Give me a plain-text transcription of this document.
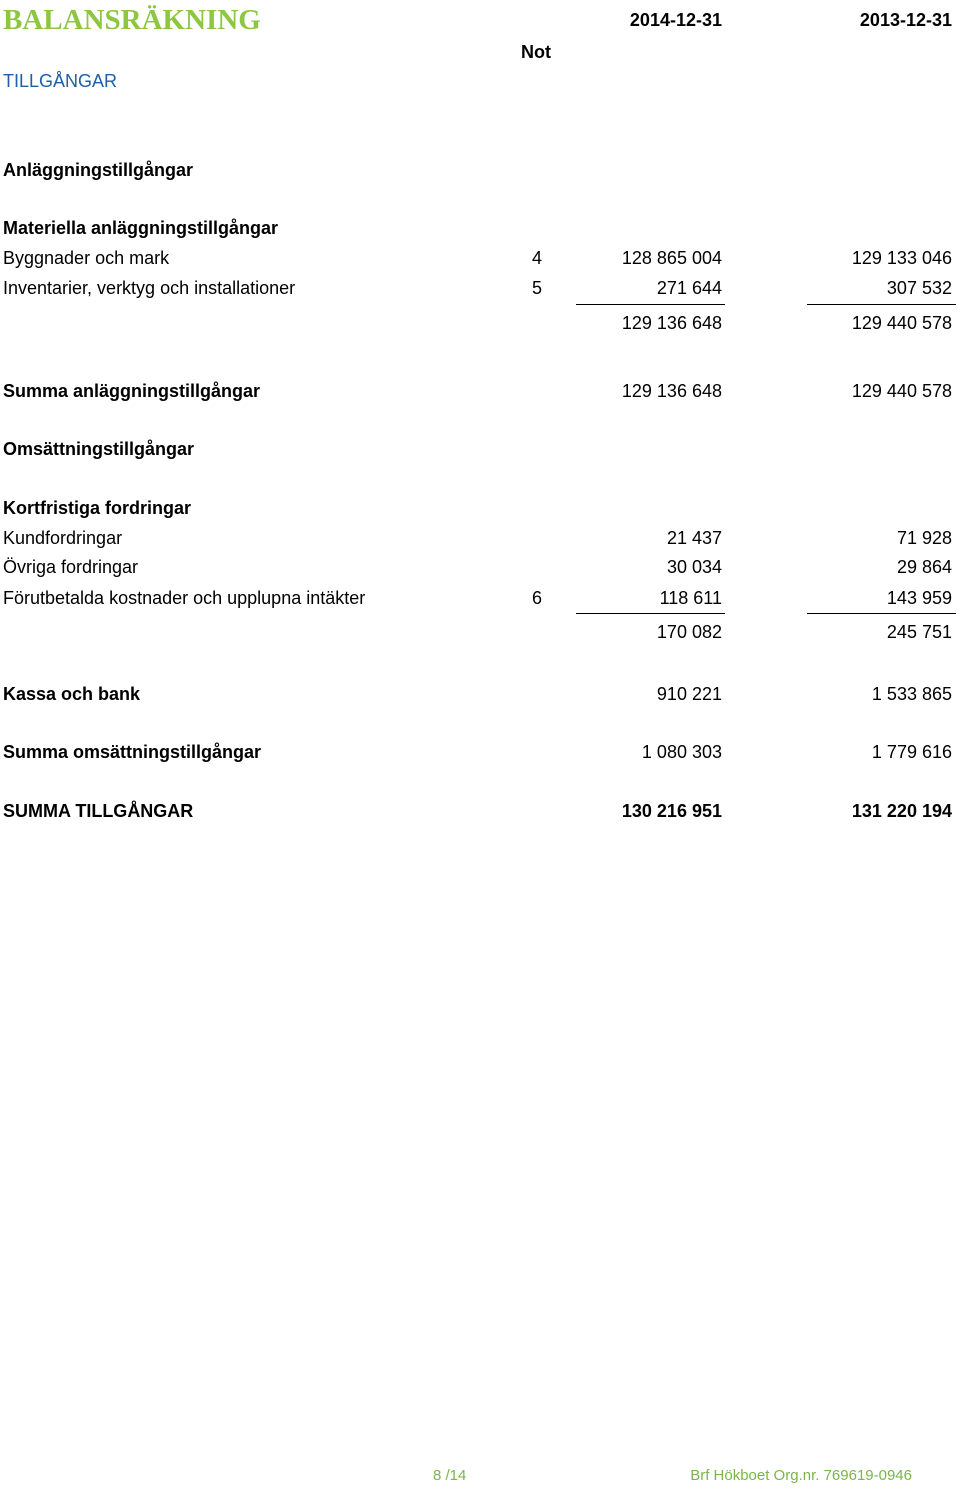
BALANSRÄKNING	2014-12-31	2013-12-31
Not
TILLGÅNGAR
Anläggningstillgångar
Materiella anläggningstillgångar
Byggnader och mark	4	128 865 004	129 133 046
Inventarier, verktyg och installationer	5	271 644	307 532
129 136 648	129 440 578
Summa anläggningstillgångar	129 136 648	129 440 578
Omsättningstillgångar
Kortfristiga fordringar
Kundfordringar	21 437	71 928
Övriga fordringar	30 034	29 864
Förutbetalda kostnader och upplupna intäkter	6	118 611	143 959
170 082	245 751
Kassa och bank	910 221	1 533 865
Summa omsättningstillgångar	1 080 303	1 779 616
SUMMA TILLGÅNGAR	130 216 951	131 220 194
8 /14	Brf Hökboet Org.nr. 769619-0946
